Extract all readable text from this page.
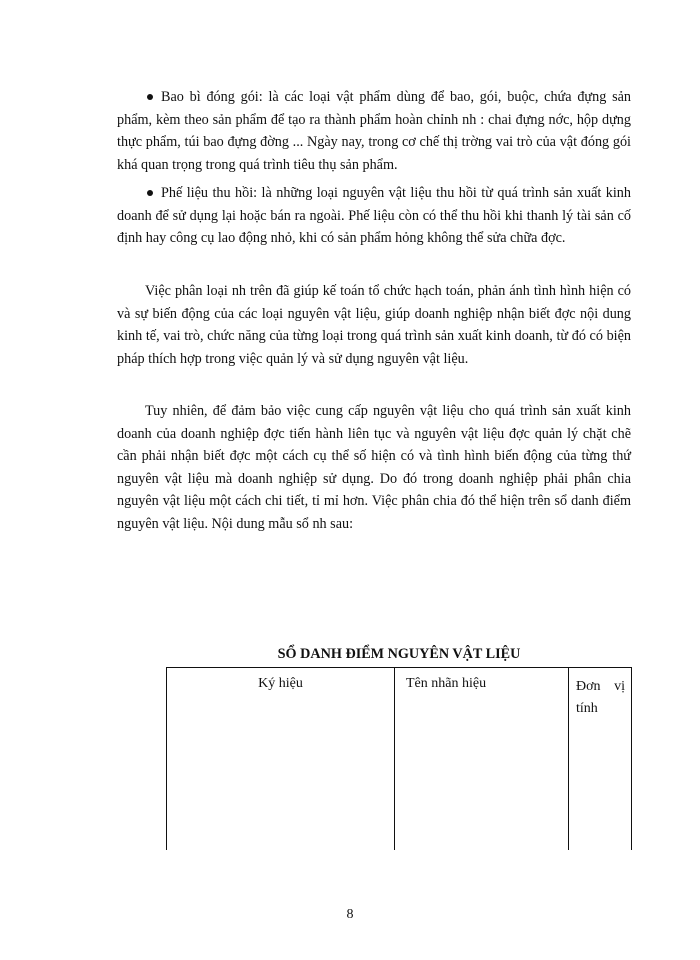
Bao bì đóng gói: là các loại vật phẩm dùng để bao, gói, buộc, chứa đựng sản phẩm, kèm theo sản phẩm để tạo ra thành phẩm hoàn chỉnh nh : chai đựng nớc, hộp dựng thực phẩm, túi bao đựng đờng ... Ngày nay, trong cơ chế thị trờng vai trò của vật đóng gói khá quan trọng trong quá trình tiêu thụ sản phẩm.

Phế liệu thu hồi: là những loại nguyên vật liệu thu hồi từ quá trình sản xuất kinh doanh để sử dụng lại hoặc bán ra ngoài. Phế liệu còn có thể thu hồi khi thanh lý tài sản cố định hay công cụ lao động nhỏ, khi có sản phẩm hỏng không thể sửa chữa đợc.

Việc phân loại nh trên đã giúp kế toán tổ chức hạch toán, phản ánh tình hình hiện có và sự biến động của các loại nguyên vật liệu, giúp doanh nghiệp nhận biết đợc nội dung kinh tế, vai trò, chức năng của từng loại trong quá trình sản xuất kinh doanh, từ đó có biện pháp thích hợp trong việc quản lý và sử dụng nguyên vật liệu.

Tuy nhiên, để đảm bảo việc cung cấp nguyên vật liệu cho quá trình sản xuất kinh doanh của doanh nghiệp đợc tiến hành liên tục và nguyên vật liệu đợc quản lý chặt chẽ cần phải nhận biết đợc một cách cụ thể số hiện có và tình hình biến động của từng thứ nguyên vật liệu mà doanh nghiệp sử dụng. Do đó trong doanh nghiệp phải phân chia nguyên vật liệu một cách chi tiết, tỉ mỉ hơn. Việc phân chia đó thể hiện trên sổ danh điểm nguyên vật liệu. Nội dung mẫu sổ nh sau:

SỔ DANH ĐIỂM NGUYÊN VẬT LIỆU
Ký hiệu	Tên nhãn hiệu	Đơn vị tính
8
